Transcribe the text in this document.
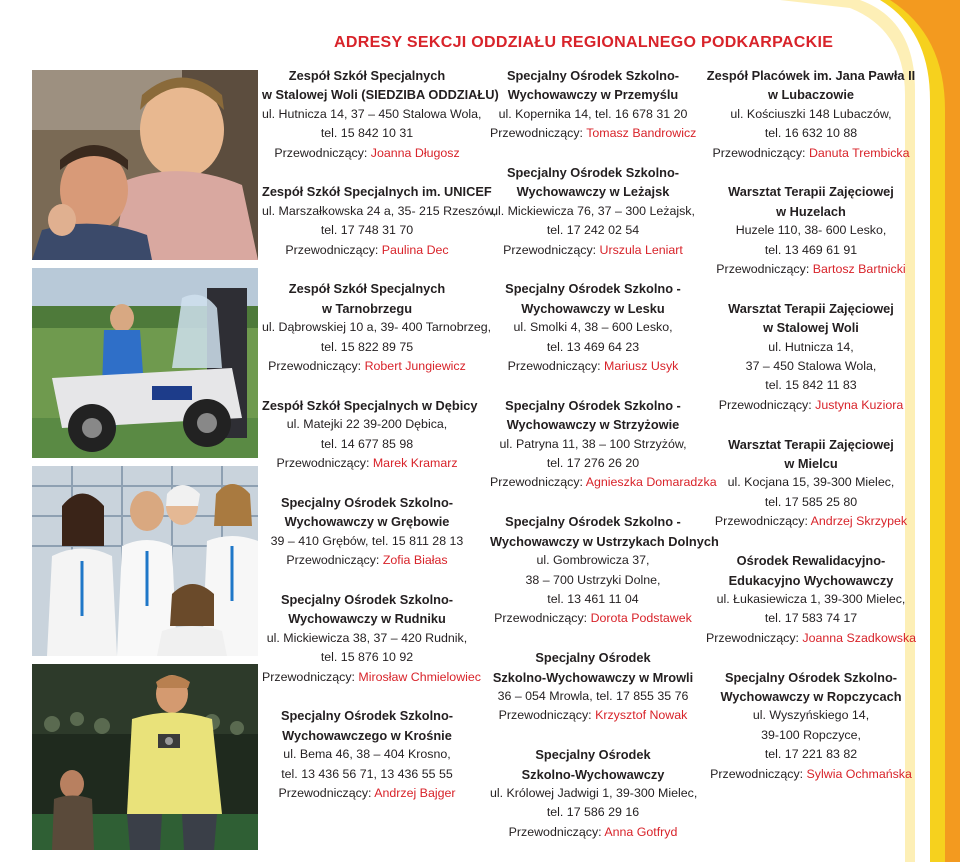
ADRESY SEKCJI ODDZIAŁU REGIONALNEGO PODKARPACKIE
Zespół Szkół Specjalnych
w Stalowej Woli (SIEDZIBA ODDZIAŁU)
ul. Hutnicza 14, 37 – 450 Stalowa Wola,
tel. 15 842 10 31
Przewodniczący: Joanna Długosz
Zespół Szkół Specjalnych im. UNICEF
ul. Marszałkowska 24 a, 35- 215 Rzeszów,
tel. 17 748 31 70
Przewodniczący: Paulina Dec
Zespół Szkół Specjalnych
w Tarnobrzegu
ul. Dąbrowskiej 10 a, 39- 400 Tarnobrzeg,
tel. 15 822 89 75
Przewodniczący: Robert Jungiewicz
Zespół Szkół Specjalnych w Dębicy
ul. Matejki 22 39-200 Dębica,
tel. 14 677 85 98
Przewodniczący: Marek Kramarz
Specjalny Ośrodek Szkolno-
Wychowawczy w Grębowie
39 – 410 Grębów, tel. 15 811 28 13
Przewodniczący: Zofia Białas
Specjalny Ośrodek Szkolno-
Wychowawczy w Rudniku
ul. Mickiewicza 38, 37 – 420 Rudnik,
tel. 15 876 10 92
Przewodniczący: Mirosław Chmielowiec
Specjalny Ośrodek Szkolno-
Wychowawczego w Krośnie
ul. Bema 46, 38 – 404 Krosno,
tel. 13 436 56 71, 13 436 55 55
Przewodniczący: Andrzej Bajger
Specjalny Ośrodek Szkolno-
Wychowawczy w Przemyślu
ul. Kopernika 14, tel. 16 678 31 20
Przewodniczący: Tomasz Bandrowicz
Specjalny Ośrodek Szkolno-
Wychowawczy w Leżajsk
ul. Mickiewicza 76, 37 – 300 Leżajsk,
tel. 17 242 02 54
Przewodniczący: Urszula Leniart
Specjalny Ośrodek Szkolno -
Wychowawczy w Lesku
ul. Smolki 4, 38 – 600 Lesko,
tel. 13 469 64 23
Przewodniczący: Mariusz Usyk
Specjalny Ośrodek Szkolno -
Wychowawczy w Strzyżowie
ul. Patryna 11, 38 – 100 Strzyżów,
tel. 17 276 26 20
Przewodniczący: Agnieszka Domaradzka
Specjalny Ośrodek Szkolno -
Wychowawczy w Ustrzykach Dolnych
ul. Gombrowicza 37,
38 – 700 Ustrzyki Dolne,
tel. 13 461 11 04
Przewodniczący: Dorota Podstawek
Specjalny Ośrodek
Szkolno-Wychowawczy w Mrowli
36 – 054 Mrowla, tel. 17 855 35 76
Przewodniczący: Krzysztof Nowak
Specjalny Ośrodek
Szkolno-Wychowawczy
ul. Królowej Jadwigi 1, 39-300 Mielec,
tel. 17 586 29 16
Przewodniczący: Anna Gotfryd
Zespół Placówek im. Jana Pawła II
w Lubaczowie
ul. Kościuszki 148 Lubaczów,
tel. 16 632 10 88
Przewodniczący: Danuta Trembicka
Warsztat Terapii Zajęciowej
w Huzelach
Huzele 110, 38- 600 Lesko,
tel. 13 469 61 91
Przewodniczący: Bartosz Bartnicki
Warsztat Terapii Zajęciowej
w Stalowej Woli
ul. Hutnicza 14,
37 – 450 Stalowa Wola,
tel. 15 842 11 83
Przewodniczący: Justyna Kuziora
Warsztat Terapii Zajęciowej
w Mielcu
ul. Kocjana 15, 39-300 Mielec,
tel. 17 585 25 80
Przewodniczący: Andrzej Skrzypek
Ośrodek Rewalidacyjno-
Edukacyjno Wychowawczy
ul. Łukasiewicza 1, 39-300 Mielec,
tel. 17 583 74 17
Przewodniczący: Joanna Szadkowska
Specjalny Ośrodek Szkolno-
Wychowawczy w Ropczycach
ul. Wyszyńskiego 14,
39-100 Ropczyce,
tel. 17 221 83 82
Przewodniczący: Sylwia Ochmańska
